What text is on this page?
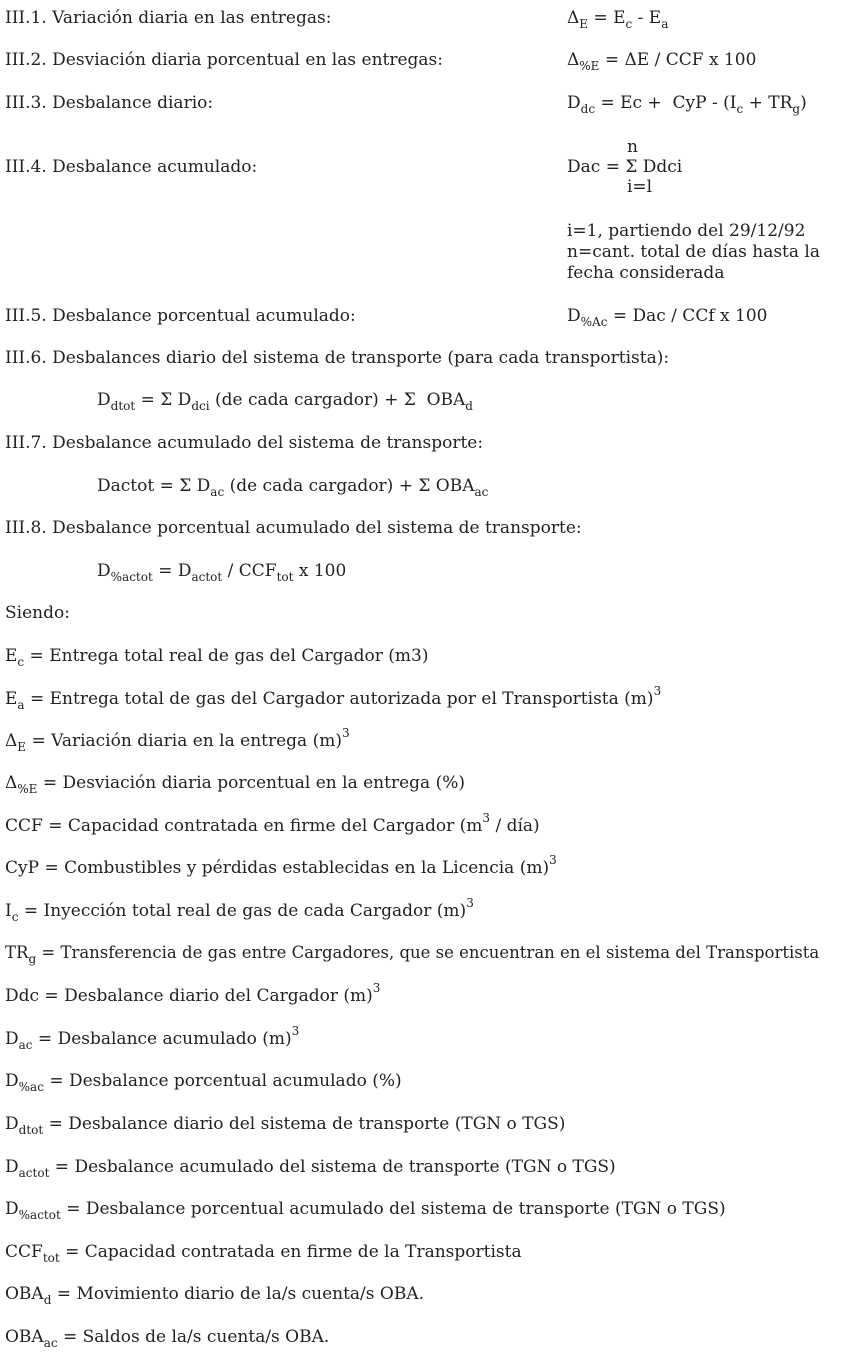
III.1. Variación diaria en las entregas:	$\Delta_E = E_c - E_a$
III.2. Desviación diaria porcentual en las entregas:	$\Delta_{\%E} = \Delta E$ / CCF x 100
III.3. Desbalance diario:	$D_{dc} = Ec$ +  CyP - $(I_c + TR_g)$
n
III.4. Desbalance acumulado:	Dac = Σ Ddci
i=l
i=1, partiendo del 29/12/92
n=cant. total de días hasta la
fecha considerada
III.5. Desbalance porcentual acumulado:	$D_{\%Ac}$ = Dac / CCf x 100
III.6. Desbalances diario del sistema de transporte (para cada transportista):
$D_{dtot} = \Sigma$ $D_{dci}$ (de cada cargador) + Σ  $OBA_d$
III.7. Desbalance acumulado del sistema de transporte:
Dactot = Σ $D_{ac}$ (de cada cargador) + Σ $OBA_{ac}$
III.8. Desbalance porcentual acumulado del sistema de transporte:
$D_{\%actot} = D_{actot} / CCF_{tot}$ x 100
Siendo:
$E_c$ = Entrega total real de gas del Cargador (m3)
$E_a$ = Entrega total de gas del Cargador autorizada por el Transportista $(m)^3$
$\Delta_E$ = Variación diaria en la entrega $(m)^3$
$\Delta_{\%E}$ = Desviación diaria porcentual en la entrega (%)
CCF = Capacidad contratada en firme del Cargador ($m^3$ / día)
CyP = Combustibles y pérdidas establecidas en la Licencia $(m)^3$
$I_c$ = Inyección total real de gas de cada Cargador $(m)^3$
$TR_g$ = Transferencia de gas entre Cargadores, que se encuentran en el sistema del Transportista
Ddc = Desbalance diario del Cargador $(m)^3$
$D_{ac}$ = Desbalance acumulado $(m)^3$
$D_{\%ac}$ = Desbalance porcentual acumulado (%)
$D_{dtot}$ = Desbalance diario del sistema de transporte (TGN o TGS)
$D_{actot}$ = Desbalance acumulado del sistema de transporte (TGN o TGS)
$D_{\%actot}$ = Desbalance porcentual acumulado del sistema de transporte (TGN o TGS)
$CCF_{tot}$ = Capacidad contratada en firme de la Transportista
$OBA_d$ = Movimiento diario de la/s cuenta/s OBA.
$OBA_{ac}$ = Saldos de la/s cuenta/s OBA.
